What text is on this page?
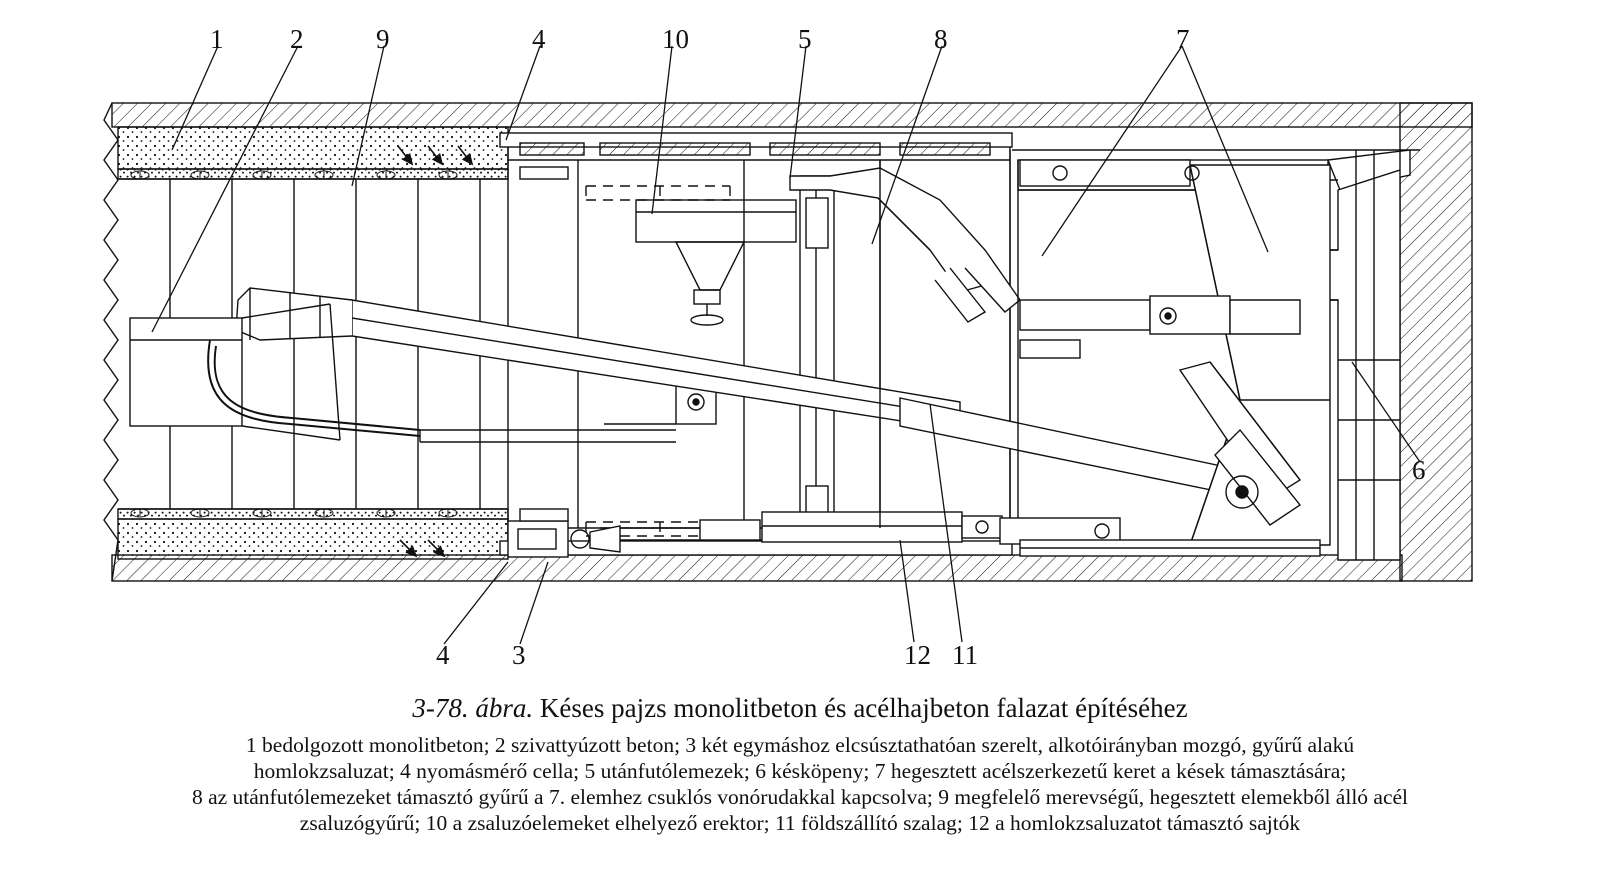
1 2	9	4	10	5	8	7
6
4 3	12 11
3-78. ábra. Késes pajzs monolitbeton és acélhajbeton falazat építéséhez
1 bedolgozott monolitbeton; 2 szivattyúzott beton; 3 két egymáshoz elcsúsztathatóan szerelt, alkotóirányban mozgó, gyűrű alakú
homlokzsaluzat; 4 nyomásmérő cella; 5 utánfutólemezek; 6 késköpeny; 7 hegesztett acélszerkezetű keret a kések támasztására;
8 az utánfutólemezeket támasztó gyűrű a 7. elemhez csuklós vonórudakkal kapcsolva; 9 megfelelő merevségű, hegesztett elemekből álló acél
zsaluzógyűrű; 10 a zsaluzóelemeket elhelyező erektor; 11 földszállító szalag; 12 a homlokzsaluzatot támasztó sajtók
